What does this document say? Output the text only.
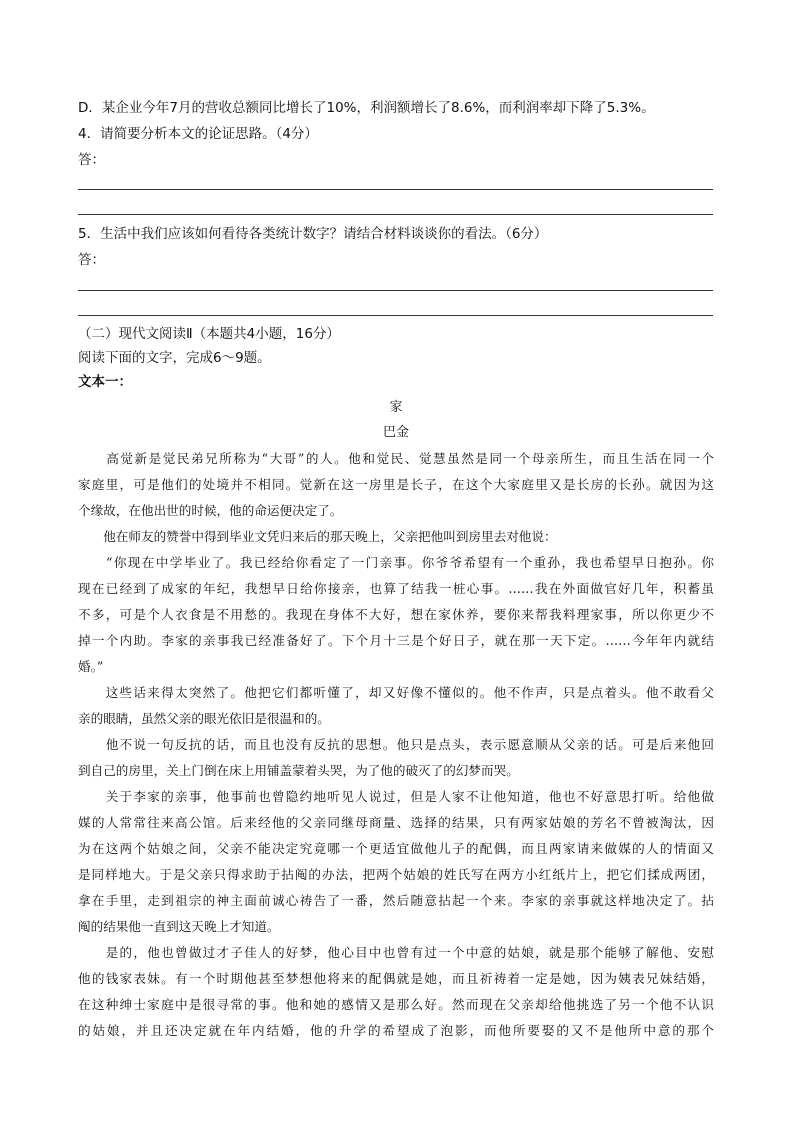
D．某企业今年7月的营收总额同比增长了10%，利润额增长了8.6%，而利润率却下降了5.3%。
4．请简要分析本文的论证思路。（4分）
答：
5．生活中我们应该如何看待各类统计数字？请结合材料谈谈你的看法。（6分）
答：
（二）现代文阅读Ⅱ（本题共4小题，16分）
阅读下面的文字，完成6～9题。
文本一：
家
巴金

　　高觉新是觉民弟兄所称为“大哥”的人。他和觉民、觉慧虽然是同一个母亲所生，而且生活在同一个

家庭里，可是他们的处境并不相同。觉新在这一房里是长子，在这个大家庭里又是长房的长孙。就因为这

个缘故，在他出世的时候，他的命运便决定了。

　　他在师友的赞誉中得到毕业文凭归来后的那天晚上，父亲把他叫到房里去对他说：

　　“你现在中学毕业了。我已经给你看定了一门亲事。你爷爷希望有一个重孙，我也希望早日抱孙。你

现在已经到了成家的年纪，我想早日给你接亲，也算了结我一桩心事。……我在外面做官好几年，积蓄虽

不多，可是个人衣食是不用愁的。我现在身体不大好，想在家休养，要你来帮我料理家事，所以你更少不

掉一个内助。李家的亲事我已经准备好了。下个月十三是个好日子，就在那一天下定。……今年年内就结

婚。”

　　这些话来得太突然了。他把它们都听懂了，却又好像不懂似的。他不作声，只是点着头。他不敢看父

亲的眼睛，虽然父亲的眼光依旧是很温和的。

　　他不说一句反抗的话，而且也没有反抗的思想。他只是点头，表示愿意顺从父亲的话。可是后来他回

到自己的房里，关上门倒在床上用铺盖蒙着头哭，为了他的破灭了的幻梦而哭。

　　关于李家的亲事，他事前也曾隐约地听见人说过，但是人家不让他知道，他也不好意思打听。给他做

媒的人常常往来高公馆。后来经他的父亲同继母商量、选择的结果，只有两家姑娘的芳名不曾被淘汰，因

为在这两个姑娘之间，父亲不能决定究竟哪一个更适宜做他儿子的配偶，而且两家请来做媒的人的情面又

是同样地大。于是父亲只得求助于拈阄的办法，把两个姑娘的姓氏写在两方小红纸片上，把它们揉成两团，

拿在手里，走到祖宗的神主面前诚心祷告了一番，然后随意拈起一个来。李家的亲事就这样地决定了。拈

阄的结果他一直到这天晚上才知道。

　　是的，他也曾做过才子佳人的好梦，他心目中也曾有过一个中意的姑娘，就是那个能够了解他、安慰

他的钱家表妹。有一个时期他甚至梦想他将来的配偶就是她，而且祈祷着一定是她，因为姨表兄妹结婚，

在这种绅士家庭中是很寻常的事。他和她的感情又是那么好。然而现在父亲却给他挑选了另一个他不认识

的姑娘，并且还决定就在年内结婚，他的升学的希望成了泡影，而他所要娶的又不是他所中意的那个
